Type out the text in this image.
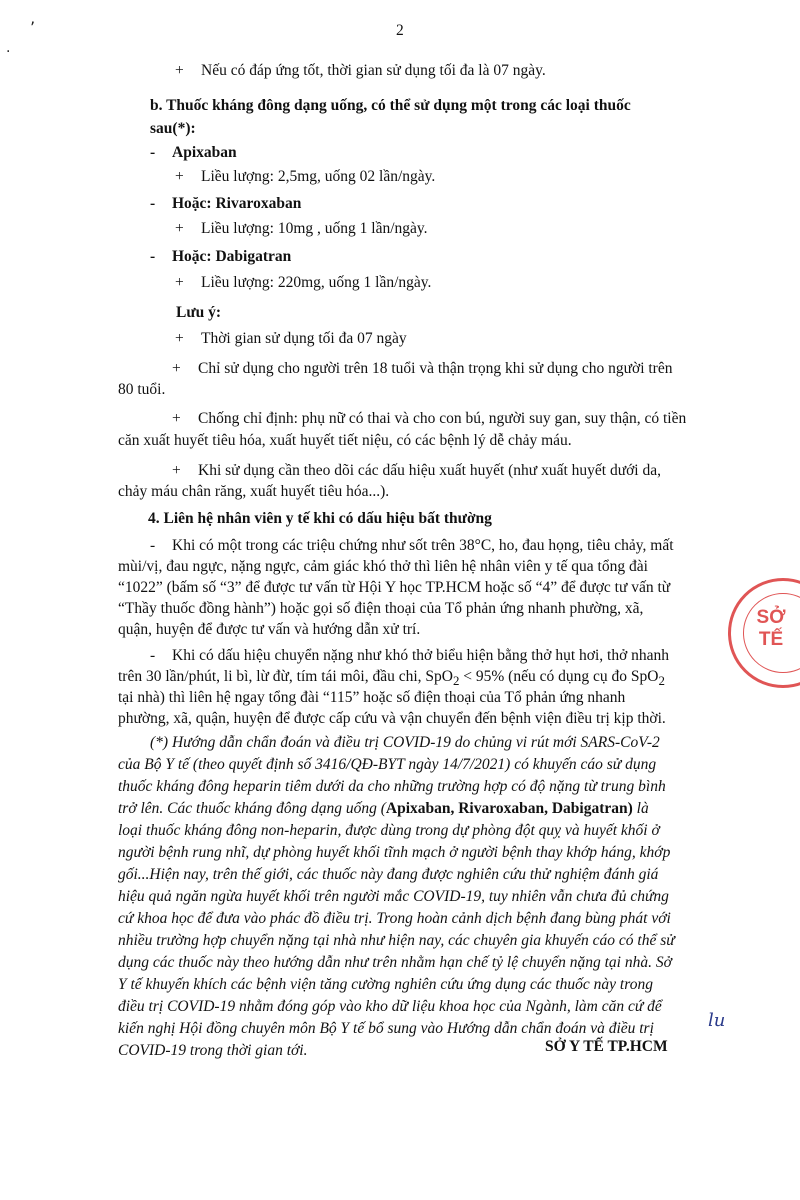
2
’
·
+ Nếu có đáp ứng tốt, thời gian sử dụng tối đa là 07 ngày.
b. Thuốc kháng đông dạng uống, có thể sử dụng một trong các loại thuốc
sau(*):
- Apixaban
+ Liều lượng: 2,5mg, uống 02 lần/ngày.
- Hoặc: Rivaroxaban
+ Liều lượng: 10mg , uống 1 lần/ngày.
- Hoặc: Dabigatran
+ Liều lượng: 220mg, uống 1 lần/ngày.
Lưu ý:
+ Thời gian sử dụng tối đa 07 ngày
+ Chỉ sử dụng cho người trên 18 tuổi và thận trọng khi sử dụng cho người trên
80 tuổi.
+ Chống chỉ định: phụ nữ có thai và cho con bú, người suy gan, suy thận, có tiền
căn xuất huyết tiêu hóa, xuất huyết tiết niệu, có các bệnh lý dễ chảy máu.
+ Khi sử dụng cần theo dõi các dấu hiệu xuất huyết (như xuất huyết dưới da,
chảy máu chân răng, xuất huyết tiêu hóa...).
4. Liên hệ nhân viên y tế khi có dấu hiệu bất thường
- Khi có một trong các triệu chứng như sốt trên 38°C, ho, đau họng, tiêu chảy, mất
mùi/vị, đau ngực, nặng ngực, cảm giác khó thở thì liên hệ nhân viên y tế qua tổng đài
“1022” (bấm số “3” để được tư vấn từ Hội Y học TP.HCM hoặc số “4” để được tư vấn từ
“Thầy thuốc đồng hành”) hoặc gọi số điện thoại của Tổ phản ứng nhanh phường, xã,
quận, huyện để được tư vấn và hướng dẫn xử trí.
- Khi có dấu hiệu chuyển nặng như khó thở biểu hiện bằng thở hụt hơi, thở nhanh
trên 30 lần/phút, li bì, lừ đừ, tím tái môi, đầu chi, SpO$_2$ < 95% (nếu có dụng cụ đo SpO$_2$
tại nhà) thì liên hệ ngay tổng đài “115” hoặc số điện thoại của Tổ phản ứng nhanh
phường, xã, quận, huyện để được cấp cứu và vận chuyển đến bệnh viện điều trị kịp thời.
(*) Hướng dẫn chẩn đoán và điều trị COVID-19 do chủng vi rút mới SARS-CoV-2
của Bộ Y tế (theo quyết định số 3416/QĐ-BYT ngày 14/7/2021) có khuyến cáo sử dụng
thuốc kháng đông heparin tiêm dưới da cho những trường hợp có độ nặng từ trung bình
trở lên. Các thuốc kháng đông dạng uống (Apixaban, Rivaroxaban, Dabigatran) là
loại thuốc kháng đông non-heparin, được dùng trong dự phòng đột quỵ và huyết khối ở
người bệnh rung nhĩ, dự phòng huyết khối tĩnh mạch ở người bệnh thay khớp háng, khớp
gối...Hiện nay, trên thế giới, các thuốc này đang được nghiên cứu thử nghiệm đánh giá
hiệu quả ngăn ngừa huyết khối trên người mắc COVID-19, tuy nhiên vẫn chưa đủ chứng
cứ khoa học để đưa vào phác đồ điều trị. Trong hoàn cảnh dịch bệnh đang bùng phát với
nhiều trường hợp chuyển nặng tại nhà như hiện nay, các chuyên gia khuyến cáo có thể sử
dụng các thuốc này theo hướng dẫn như trên nhằm hạn chế tỷ lệ chuyển nặng tại nhà. Sở
Y tế khuyến khích các bệnh viện tăng cường nghiên cứu ứng dụng các thuốc này trong
điều trị COVID-19 nhằm đóng góp vào kho dữ liệu khoa học của Ngành, làm căn cứ để
kiến nghị Hội đồng chuyên môn Bộ Y tế bổ sung vào Hướng dẫn chẩn đoán và điều trị
COVID-19 trong thời gian tới.
lu
SỞ Y TẾ TP.HCM
SỞ
TẾ
